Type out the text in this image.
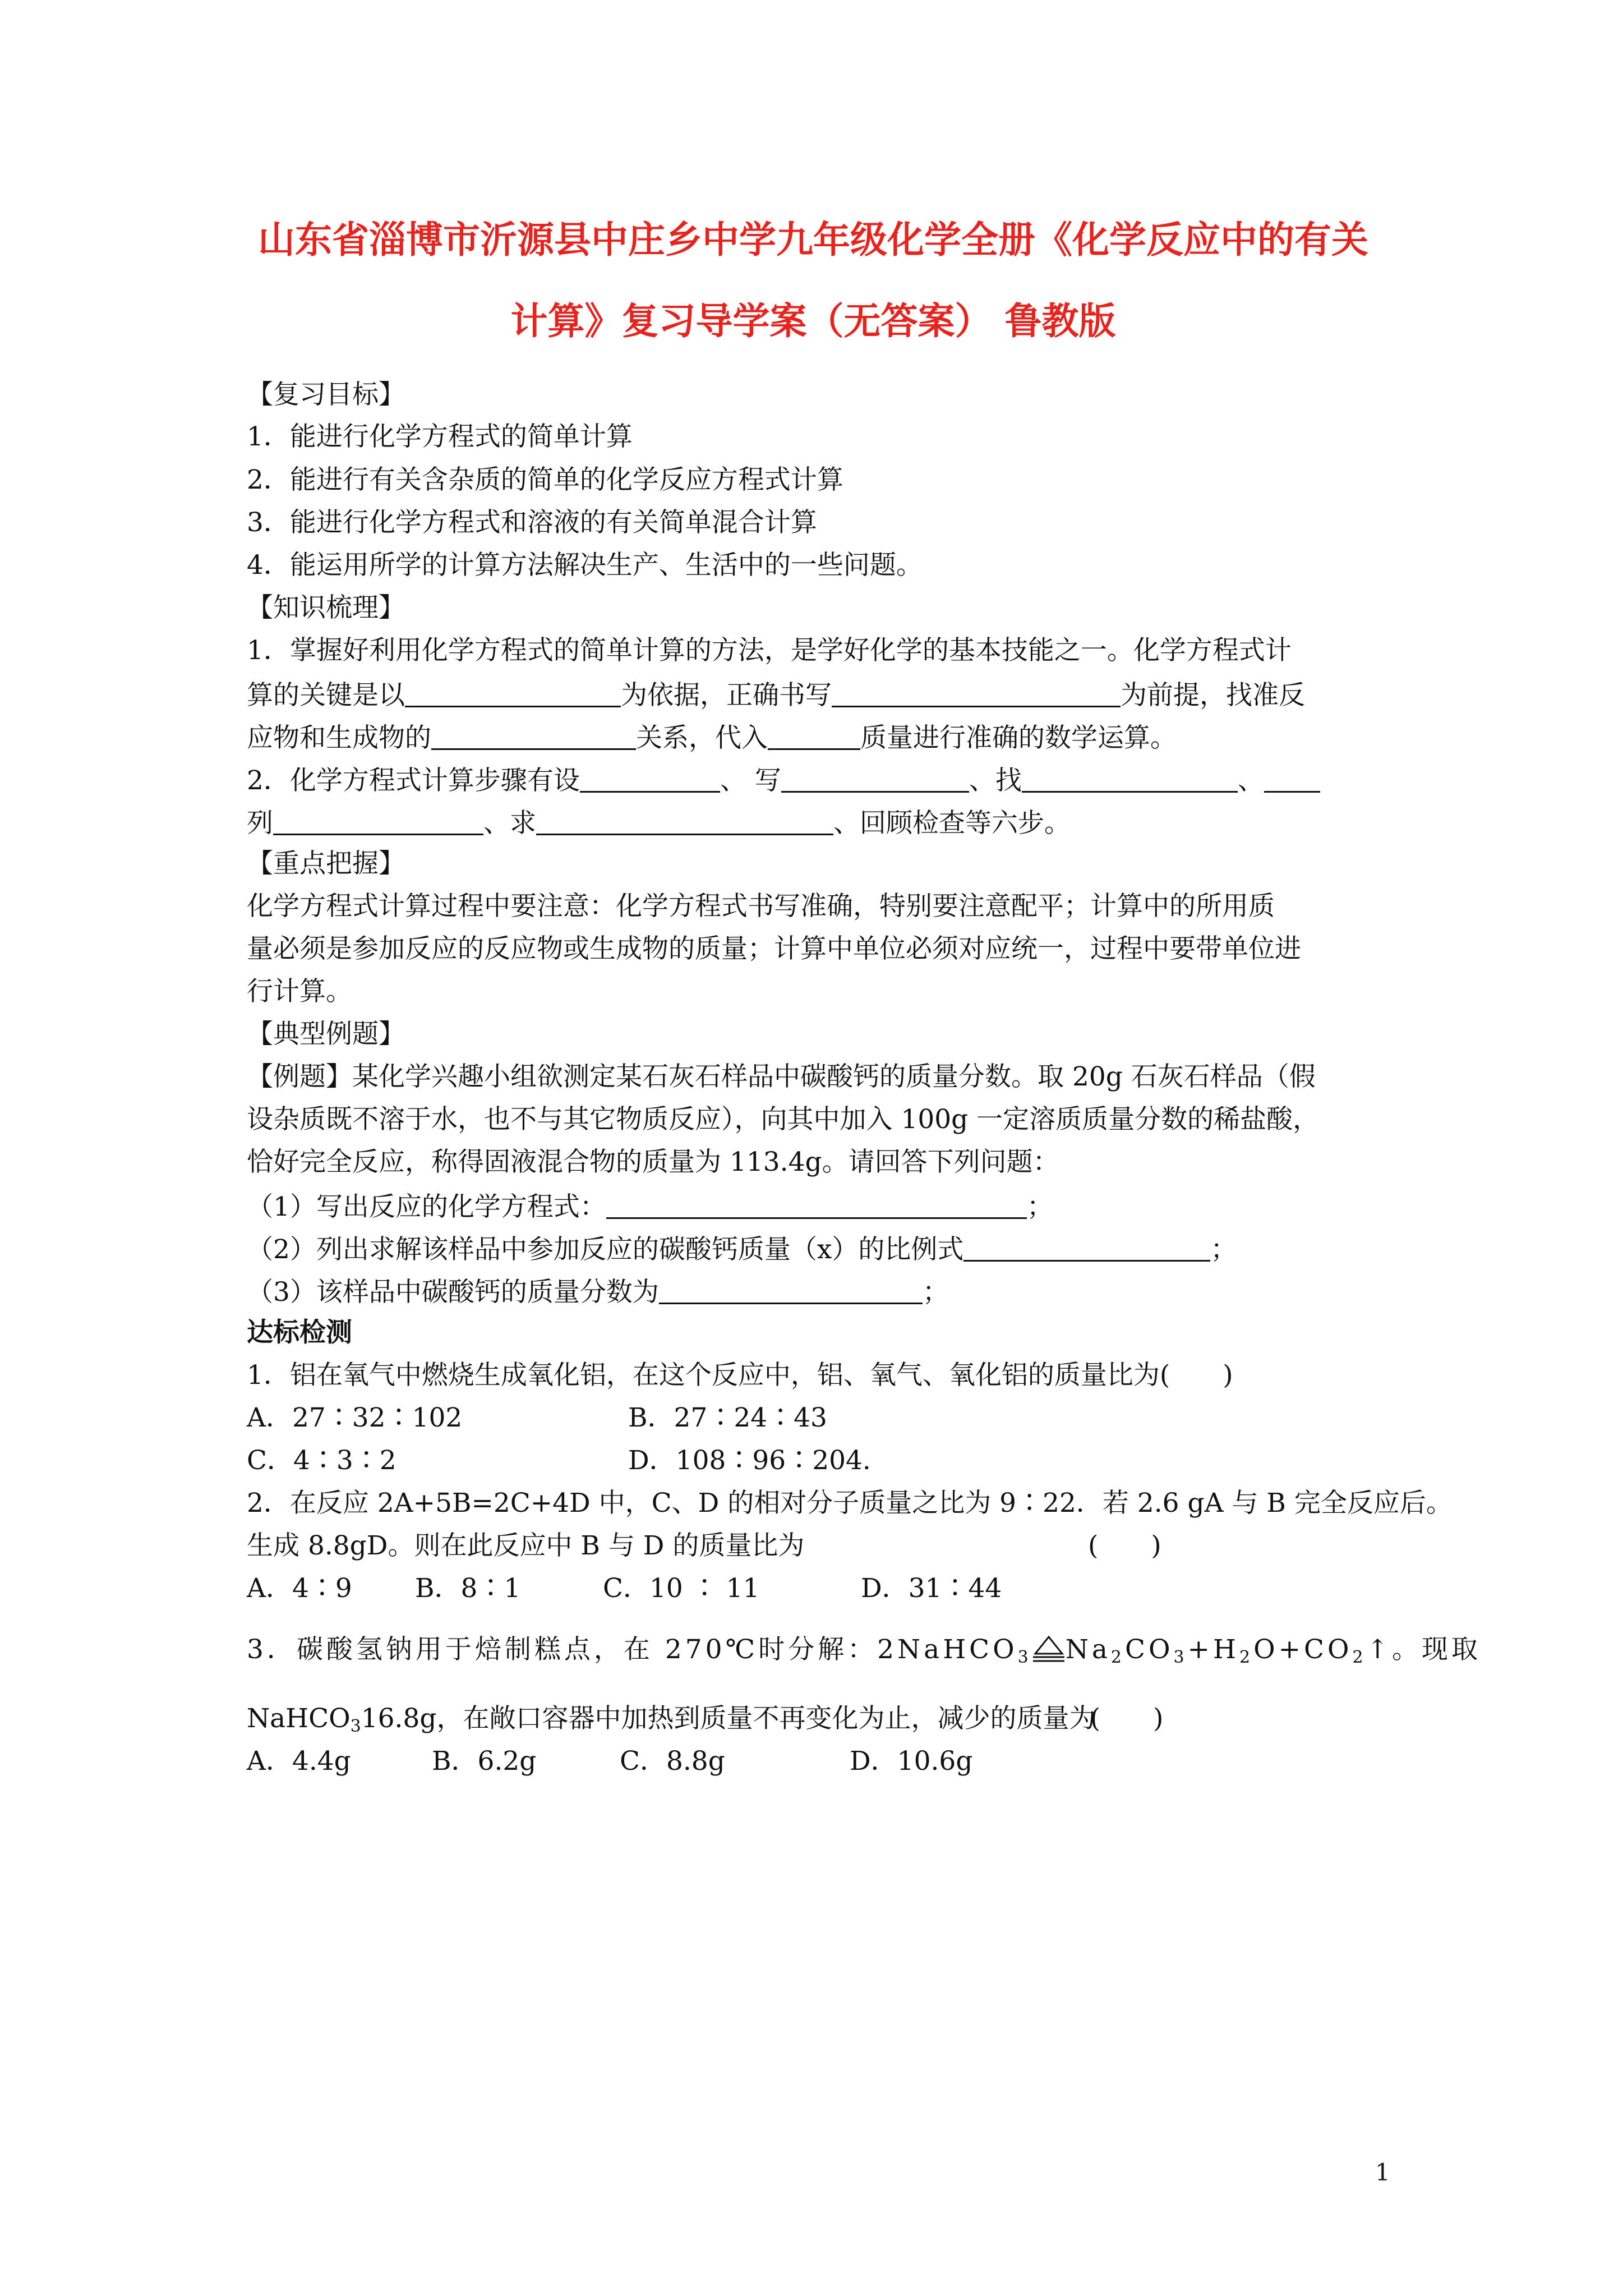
山东省淄博市沂源县中庄乡中学九年级化学全册《化学反应中的有关
计算》复习导学案（无答案） 鲁教版
【复习目标】
1．能进行化学方程式的简单计算
2．能进行有关含杂质的简单的化学反应方程式计算
3．能进行化学方程式和溶液的有关简单混合计算
4．能运用所学的计算方法解决生产、生活中的一些问题。
【知识梳理】
1．掌握好利用化学方程式的简单计算的方法，是学好化学的基本技能之一。化学方程式计
算的关键是以	为依据，正确书写	为前提，找准反
应物和生成物的	关系，代入	质量进行准确的数学运算。
2．化学方程式计算步骤有设	、 写	、找	、
列	、求	、回顾检查等六步。
【重点把握】
化学方程式计算过程中要注意：化学方程式书写准确，特别要注意配平；计算中的所用质
量必须是参加反应的反应物或生成物的质量；计算中单位必须对应统一，过程中要带单位进
行计算。
【典型例题】
【例题】某化学兴趣小组欲测定某石灰石样品中碳酸钙的质量分数。取 20g 石灰石样品（假
设杂质既不溶于水，也不与其它物质反应），向其中加入 100g 一定溶质质量分数的稀盐酸，
恰好完全反应，称得固液混合物的质量为 113.4g。请回答下列问题：
（1）写出反应的化学方程式：	；
（2）列出求解该样品中参加反应的碳酸钙质量（x）的比例式	；
（3）该样品中碳酸钙的质量分数为	；
达标检测
1．铝在氧气中燃烧生成氧化铝，在这个反应中，铝、氧气、氧化铝的质量比为(　　)
A．27∶32∶102	B．27∶24∶43
C．4∶3∶2	D．108∶96∶204.
2．在反应 2A+5B=2C+4D 中，C、D 的相对分子质量之比为 9∶22．若 2.6 gA 与 B 完全反应后。
生成 8.8gD。则在此反应中 B 与 D 的质量比为	(　　)
A．4∶9 B．8∶1	C．10 ∶ 11	D．31∶44
3．碳酸氢钠用于焙制糕点，在 270℃时分解：2NaHCO$_3$ $Na_2CO_3+H_2O+CO_2↑$。现取
NaHCO$_3$16.8g，在敞口容器中加热到质量不再变化为止，减少的质量为(　　)
A．4.4g	B．6.2g	C．8.8g	D．10.6g
1
